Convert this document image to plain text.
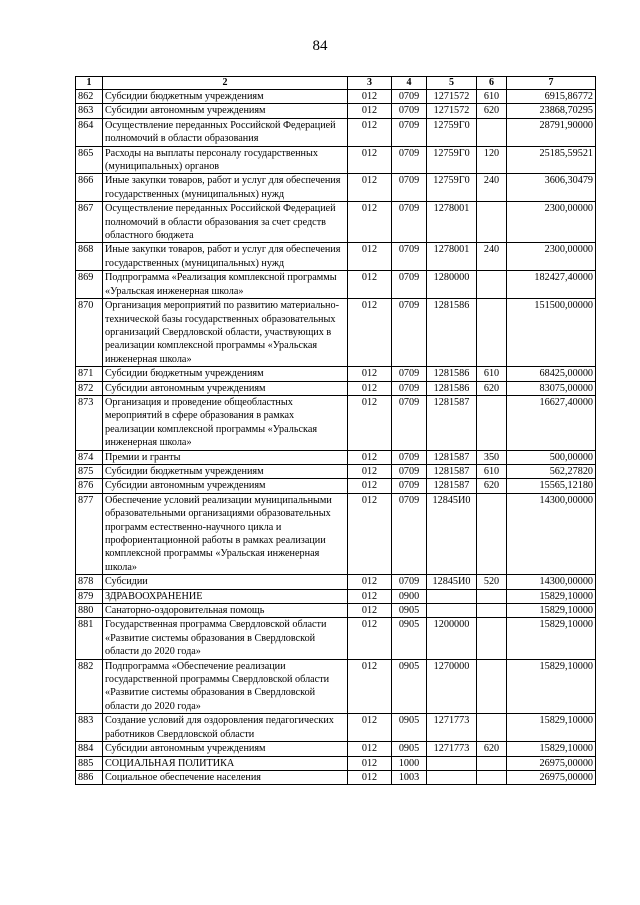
84
1	2	3	4	5	6	7
862	Субсидии бюджетным учреждениям	012	0709	1271572	610	6915,86772
863	Субсидии автономным учреждениям	012	0709	1271572	620	23868,70295
864	Осуществление переданных Российской Федерацией полномочий в области образования	012	0709	12759Г0		28791,90000
865	Расходы на выплаты персоналу государственных (муниципальных) органов	012	0709	12759Г0	120	25185,59521
866	Иные закупки товаров, работ и услуг для обеспечения государственных (муниципальных) нужд	012	0709	12759Г0	240	3606,30479
867	Осуществление переданных Российской Федерацией полномочий в области образования за счет средств областного бюджета	012	0709	1278001		2300,00000
868	Иные закупки товаров, работ и услуг для обеспечения государственных (муниципальных) нужд	012	0709	1278001	240	2300,00000
869	Подпрограмма «Реализация комплексной программы «Уральская инженерная школа»	012	0709	1280000		182427,40000
870	Организация мероприятий по развитию материально-технической базы государственных образовательных организаций Свердловской области, участвующих в реализации комплексной программы «Уральская инженерная школа»	012	0709	1281586		151500,00000
871	Субсидии бюджетным учреждениям	012	0709	1281586	610	68425,00000
872	Субсидии автономным учреждениям	012	0709	1281586	620	83075,00000
873	Организация и проведение общеобластных мероприятий в сфере образования в рамках реализации комплексной программы «Уральская инженерная школа»	012	0709	1281587		16627,40000
874	Премии и гранты	012	0709	1281587	350	500,00000
875	Субсидии бюджетным учреждениям	012	0709	1281587	610	562,27820
876	Субсидии автономным учреждениям	012	0709	1281587	620	15565,12180
877	Обеспечение условий реализации муниципальными образовательными организациями образовательных программ естественно-научного цикла и профориентационной работы в рамках реализации комплексной программы «Уральская инженерная школа»	012	0709	12845И0		14300,00000
878	Субсидии	012	0709	12845И0	520	14300,00000
879	ЗДРАВООХРАНЕНИЕ	012	0900			15829,10000
880	Санаторно-оздоровительная помощь	012	0905			15829,10000
881	Государственная программа Свердловской области «Развитие системы образования в Свердловской области до 2020 года»	012	0905	1200000		15829,10000
882	Подпрограмма «Обеспечение реализации государственной программы Свердловской области «Развитие системы образования в Свердловской области до 2020 года»	012	0905	1270000		15829,10000
883	Создание условий для оздоровления педагогических работников Свердловской области	012	0905	1271773		15829,10000
884	Субсидии автономным учреждениям	012	0905	1271773	620	15829,10000
885	СОЦИАЛЬНАЯ ПОЛИТИКА	012	1000			26975,00000
886	Социальное обеспечение населения	012	1003			26975,00000
